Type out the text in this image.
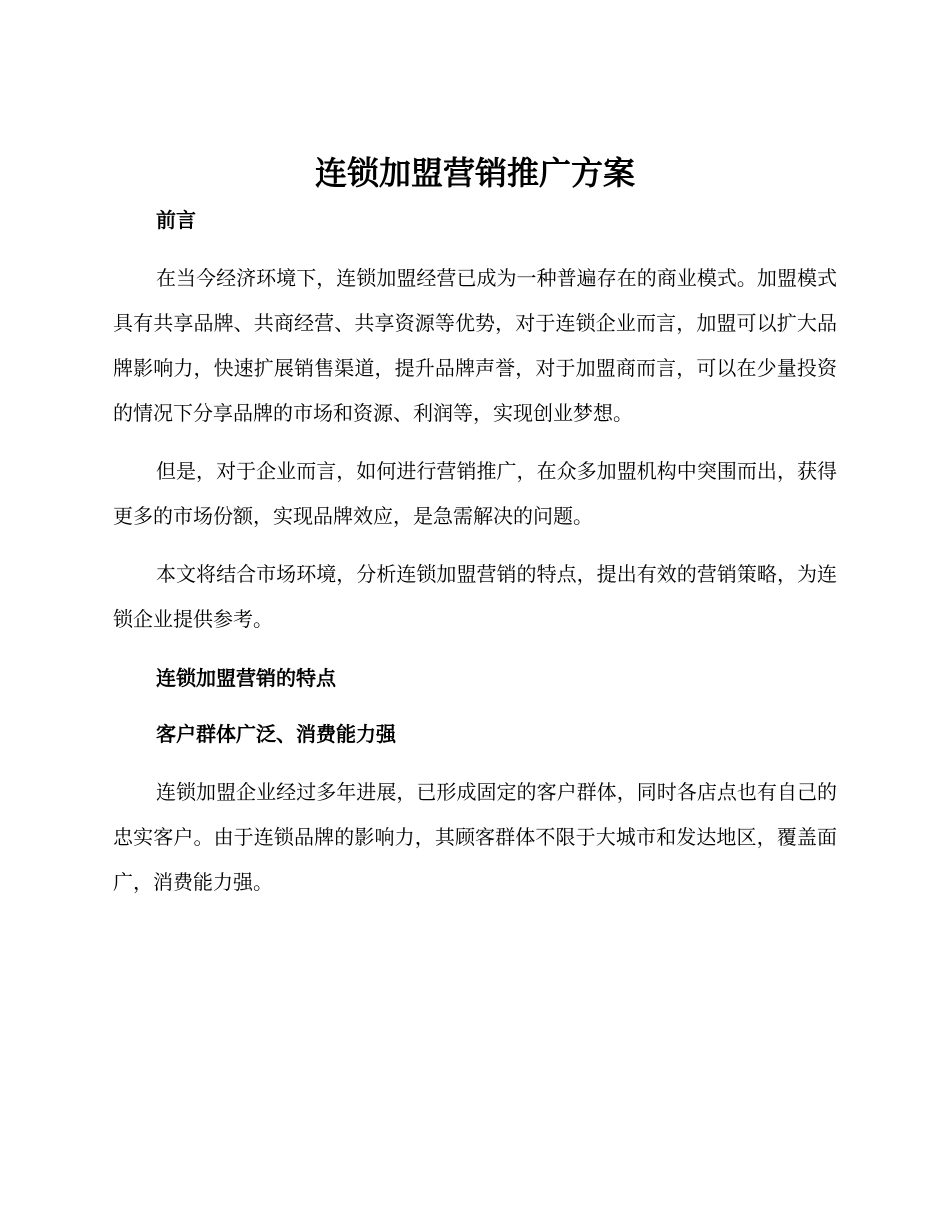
连锁加盟营销推广方案
前言

在当今经济环境下，连锁加盟经营已成为一种普遍存在的商业模式。加盟模式具有共享品牌、共商经营、共享资源等优势，对于连锁企业而言，加盟可以扩大品牌影响力，快速扩展销售渠道，提升品牌声誉，对于加盟商而言，可以在少量投资的情况下分享品牌的市场和资源、利润等，实现创业梦想。

但是，对于企业而言，如何进行营销推广，在众多加盟机构中突围而出，获得更多的市场份额，实现品牌效应，是急需解决的问题。

本文将结合市场环境，分析连锁加盟营销的特点，提出有效的营销策略，为连锁企业提供参考。

连锁加盟营销的特点
客户群体广泛、消费能力强

连锁加盟企业经过多年进展，已形成固定的客户群体，同时各店点也有自己的忠实客户。由于连锁品牌的影响力，其顾客群体不限于大城市和发达地区，覆盖面广，消费能力强。
